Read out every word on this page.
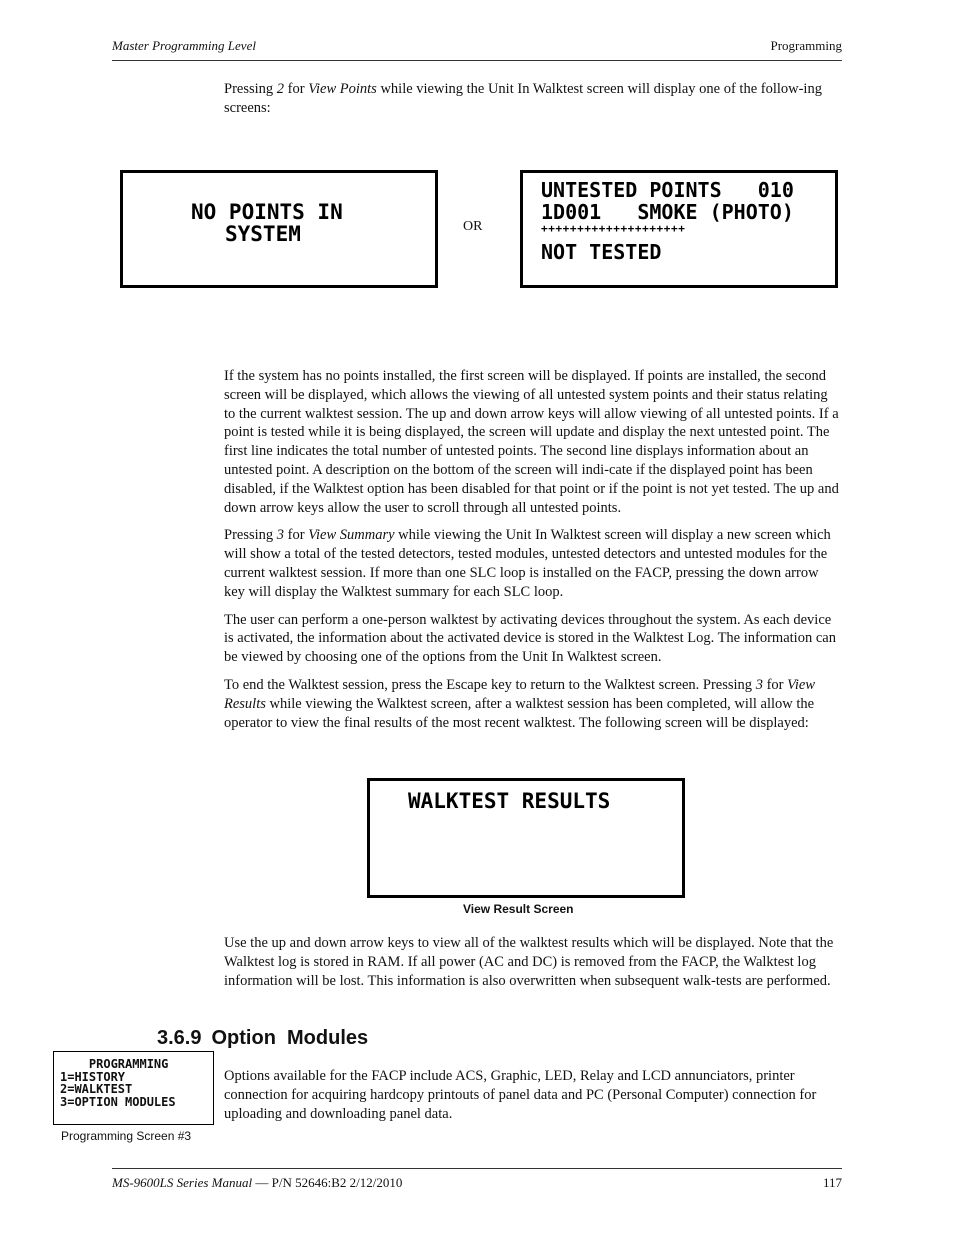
Master Programming Level	Programming

Pressing 2 for View Points while viewing the Unit In Walktest screen will display one of the follow-ing screens:

NO POINTS IN
SYSTEM	OR
UNTESTED POINTS   010
1D001   SMOKE (PHOTO)
++++++++++++++++++++
NOT TESTED

If the system has no points installed, the first screen will be displayed. If points are installed, the second screen will be displayed, which allows the viewing of all untested system points and their status relating to the current walktest session. The up and down arrow keys will allow viewing of all untested points. If a point is tested while it is being displayed, the screen will update and display the next untested point. The first line indicates the total number of untested points. The second line displays information about an untested point. A description on the bottom of the screen will indi-cate if the displayed point has been disabled, if the Walktest option has been disabled for that point or if the point is not yet tested. The up and down arrow keys allow the user to scroll through all untested points.

Pressing 3 for View Summary while viewing the Unit In Walktest screen will display a new screen which will show a total of the tested detectors, tested modules, untested detectors and untested modules for the current walktest session. If more than one SLC loop is installed on the FACP, pressing the down arrow key will display the Walktest summary for each SLC loop.

The user can perform a one-person walktest by activating devices throughout the system. As each device is activated, the information about the activated device is stored in the Walktest Log. The information can be viewed by choosing one of the options from the Unit In Walktest screen.

To end the Walktest session, press the Escape key to return to the Walktest screen. Pressing 3 for View Results while viewing the Walktest screen, after a walktest session has been completed, will allow the operator to view the final results of the most recent walktest. The following screen will be displayed:

WALKTEST RESULTS
View Result Screen

Use the up and down arrow keys to view all of the walktest results which will be displayed. Note that the Walktest log is stored in RAM. If all power (AC and DC) is removed from the FACP, the Walktest log information will be lost. This information is also overwritten when subsequent walk-tests are performed.

3.6.9 Option  Modules
PROGRAMMING
1=HISTORY
2=WALKTEST
3=OPTION MODULES
Programming Screen #3

Options available for the FACP include ACS, Graphic, LED, Relay and LCD annunciators, printer connection for acquiring hardcopy printouts of panel data and PC (Personal Computer) connection for uploading and downloading panel data.

MS-9600LS Series Manual — P/N 52646:B2 2/12/2010	117
